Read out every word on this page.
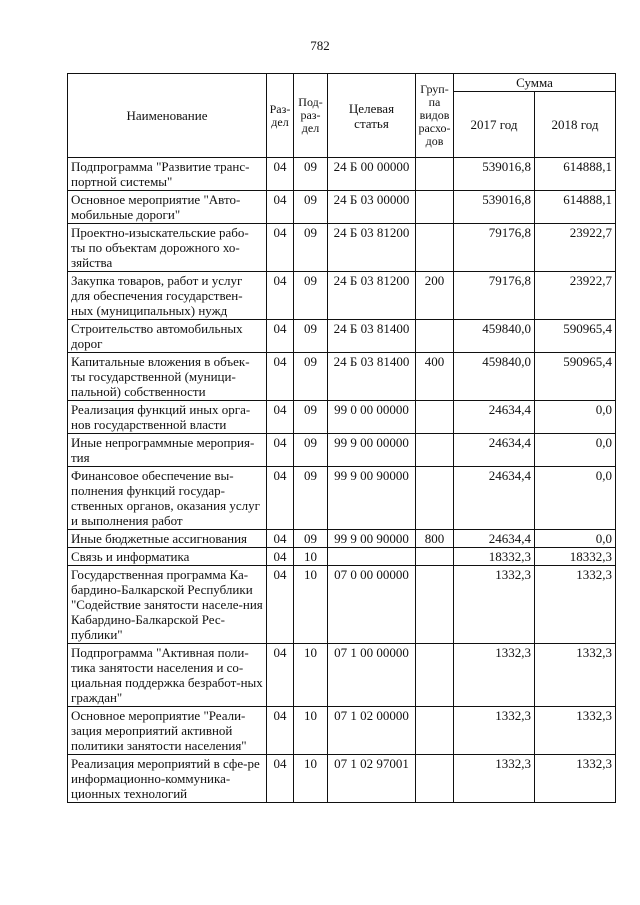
782
Наименование	Раз-дел	Под-раз-дел	Целевая статья	Груп-па видов расхо-дов	Сумма	
					2017 год	2018 год
Подпрограмма "Развитие транс-портной системы"	04	09	24 Б 00 00000		539016,8	614888,1
Основное мероприятие "Авто-мобильные дороги"	04	09	24 Б 03 00000		539016,8	614888,1
Проектно-изыскательские рабо-ты по объектам дорожного хо-зяйства	04	09	24 Б 03 81200		79176,8	23922,7
Закупка товаров, работ и услуг для обеспечения государствен-ных (муниципальных) нужд	04	09	24 Б 03 81200	200	79176,8	23922,7
Строительство автомобильных дорог	04	09	24 Б 03 81400		459840,0	590965,4
Капитальные вложения в объек-ты государственной (муници-пальной) собственности	04	09	24 Б 03 81400	400	459840,0	590965,4
Реализация функций иных орга-нов государственной власти	04	09	99 0 00 00000		24634,4	0,0
Иные непрограммные мероприя-тия	04	09	99 9 00 00000		24634,4	0,0
Финансовое обеспечение вы-полнения функций государ-ственных органов, оказания услуг и выполнения работ	04	09	99 9 00 90000		24634,4	0,0
Иные бюджетные ассигнования	04	09	99 9 00 90000	800	24634,4	0,0
Связь и информатика	04	10			18332,3	18332,3
Государственная программа Ка-бардино-Балкарской Республики "Содействие занятости населе-ния Кабардино-Балкарской Рес-публики"	04	10	07 0 00 00000		1332,3	1332,3
Подпрограмма "Активная поли-тика занятости населения и со-циальная поддержка безработ-ных граждан"	04	10	07 1 00 00000		1332,3	1332,3
Основное мероприятие "Реали-зация мероприятий активной политики занятости населения"	04	10	07 1 02 00000		1332,3	1332,3
Реализация мероприятий в сфе-ре информационно-коммуника-ционных технологий	04	10	07 1 02 97001		1332,3	1332,3
